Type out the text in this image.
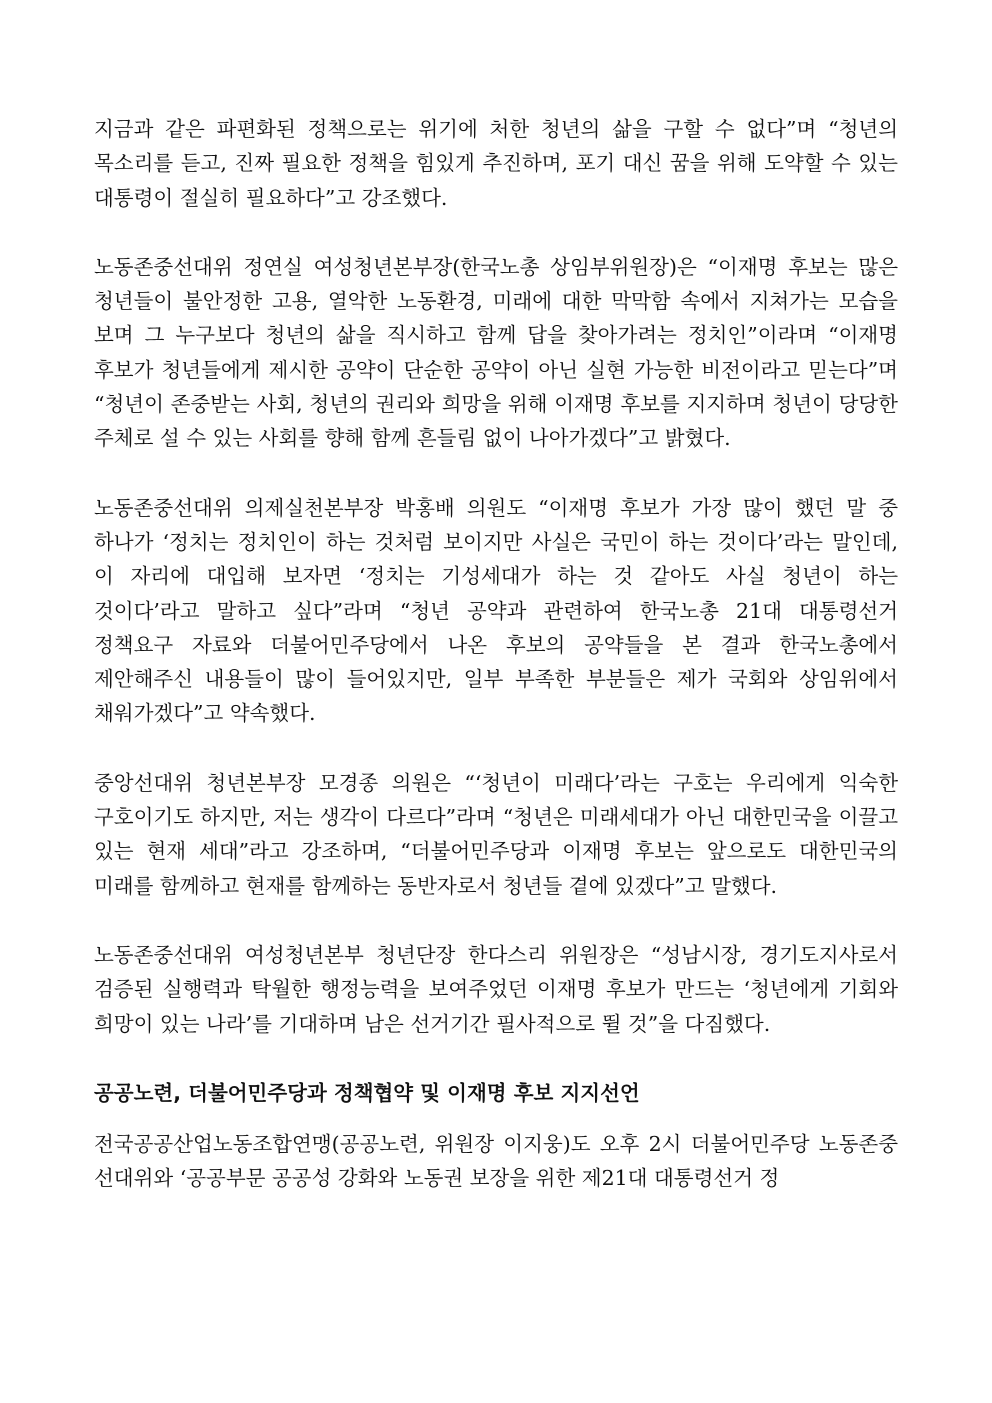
지금과 같은 파편화된 정책으로는 위기에 처한 청년의 삶을 구할 수 없다”며 “청년의 목소리를 듣고, 진짜 필요한 정책을 힘있게 추진하며, 포기 대신 꿈을 위해 도약할 수 있는 대통령이 절실히 필요하다”고 강조했다.

노동존중선대위 정연실 여성청년본부장(한국노총 상임부위원장)은 “이재명 후보는 많은 청년들이 불안정한 고용, 열악한 노동환경, 미래에 대한 막막함 속에서 지쳐가는 모습을 보며 그 누구보다 청년의 삶을 직시하고 함께 답을 찾아가려는 정치인”이라며 “이재명 후보가 청년들에게 제시한 공약이 단순한 공약이 아닌 실현 가능한 비전이라고 믿는다”며 “청년이 존중받는 사회, 청년의 권리와 희망을 위해 이재명 후보를 지지하며 청년이 당당한 주체로 설 수 있는 사회를 향해 함께 흔들림 없이 나아가겠다”고 밝혔다.

노동존중선대위 의제실천본부장 박홍배 의원도 “이재명 후보가 가장 많이 했던 말 중 하나가 ‘정치는 정치인이 하는 것처럼 보이지만 사실은 국민이 하는 것이다’라는 말인데, 이 자리에 대입해 보자면 ‘정치는 기성세대가 하는 것 같아도 사실 청년이 하는 것이다’라고 말하고 싶다”라며 “청년 공약과 관련하여 한국노총 21대 대통령선거 정책요구 자료와 더불어민주당에서 나온 후보의 공약들을 본 결과 한국노총에서 제안해주신 내용들이 많이 들어있지만, 일부 부족한 부분들은 제가 국회와 상임위에서 채워가겠다”고 약속했다.

중앙선대위 청년본부장 모경종 의원은 “‘청년이 미래다’라는 구호는 우리에게 익숙한 구호이기도 하지만, 저는 생각이 다르다”라며 “청년은 미래세대가 아닌 대한민국을 이끌고 있는 현재 세대”라고 강조하며, “더불어민주당과 이재명 후보는 앞으로도 대한민국의 미래를 함께하고 현재를 함께하는 동반자로서 청년들 곁에 있겠다”고 말했다.

노동존중선대위 여성청년본부 청년단장 한다스리 위원장은 “성남시장, 경기도지사로서 검증된 실행력과 탁월한 행정능력을 보여주었던 이재명 후보가 만드는 ‘청년에게 기회와 희망이 있는 나라’를 기대하며 남은 선거기간 필사적으로 뛸 것”을 다짐했다.

공공노련, 더불어민주당과 정책협약 및 이재명 후보 지지선언

전국공공산업노동조합연맹(공공노련, 위원장 이지웅)도 오후 2시 더불어민주당 노동존중 선대위와 ‘공공부문 공공성 강화와 노동권 보장을 위한 제21대 대통령선거 정
